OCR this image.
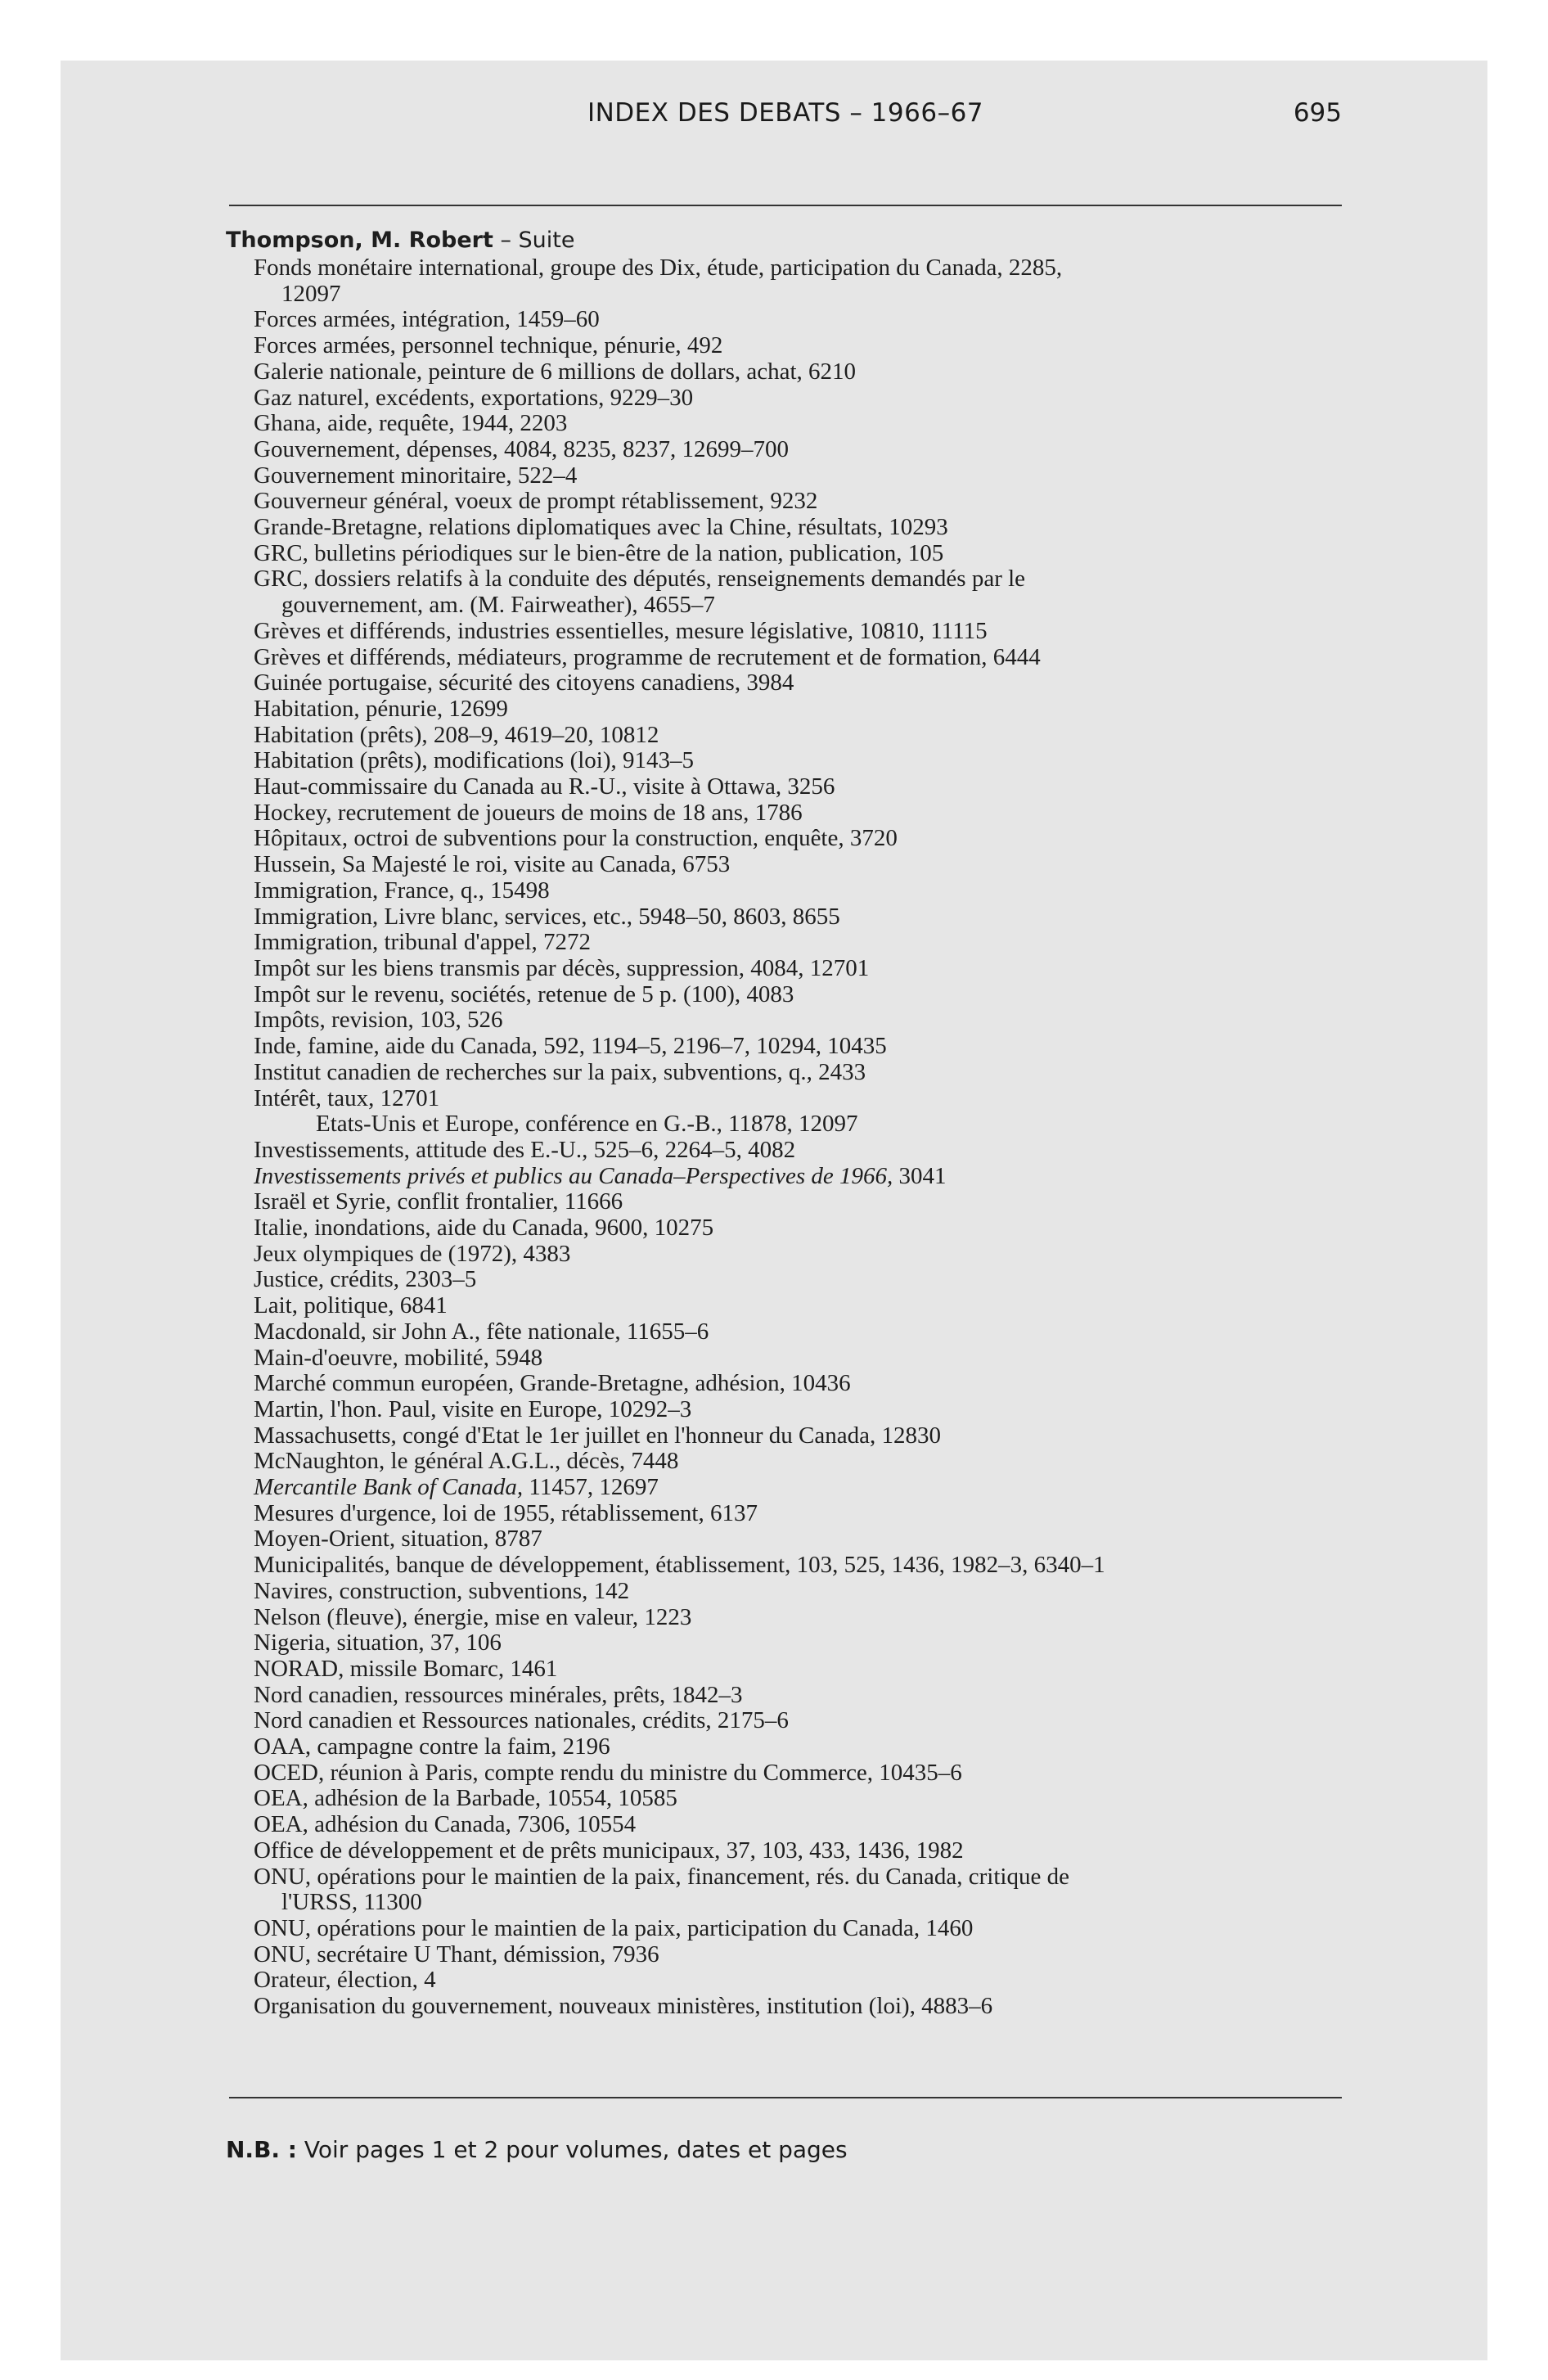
INDEX DES DEBATS – 1966–67	695
Thompson, M. Robert – Suite
Fonds monétaire international, groupe des Dix, étude, participation du Canada, 2285,
12097
Forces armées, intégration, 1459–60
Forces armées, personnel technique, pénurie, 492
Galerie nationale, peinture de 6 millions de dollars, achat, 6210
Gaz naturel, excédents, exportations, 9229–30
Ghana, aide, requête, 1944, 2203
Gouvernement, dépenses, 4084, 8235, 8237, 12699–700
Gouvernement minoritaire, 522–4
Gouverneur général, voeux de prompt rétablissement, 9232
Grande-Bretagne, relations diplomatiques avec la Chine, résultats, 10293
GRC, bulletins périodiques sur le bien-être de la nation, publication, 105
GRC, dossiers relatifs à la conduite des députés, renseignements demandés par le
gouvernement, am. (M. Fairweather), 4655–7
Grèves et différends, industries essentielles, mesure législative, 10810, 11115
Grèves et différends, médiateurs, programme de recrutement et de formation, 6444
Guinée portugaise, sécurité des citoyens canadiens, 3984
Habitation, pénurie, 12699
Habitation (prêts), 208–9, 4619–20, 10812
Habitation (prêts), modifications (loi), 9143–5
Haut-commissaire du Canada au R.-U., visite à Ottawa, 3256
Hockey, recrutement de joueurs de moins de 18 ans, 1786
Hôpitaux, octroi de subventions pour la construction, enquête, 3720
Hussein, Sa Majesté le roi, visite au Canada, 6753
Immigration, France, q., 15498
Immigration, Livre blanc, services, etc., 5948–50, 8603, 8655
Immigration, tribunal d'appel, 7272
Impôt sur les biens transmis par décès, suppression, 4084, 12701
Impôt sur le revenu, sociétés, retenue de 5 p. (100), 4083
Impôts, revision, 103, 526
Inde, famine, aide du Canada, 592, 1194–5, 2196–7, 10294, 10435
Institut canadien de recherches sur la paix, subventions, q., 2433
Intérêt, taux, 12701
Etats-Unis et Europe, conférence en G.-B., 11878, 12097
Investissements, attitude des E.-U., 525–6, 2264–5, 4082
Investissements privés et publics au Canada–Perspectives de 1966, 3041
Israël et Syrie, conflit frontalier, 11666
Italie, inondations, aide du Canada, 9600, 10275
Jeux olympiques de (1972), 4383
Justice, crédits, 2303–5
Lait, politique, 6841
Macdonald, sir John A., fête nationale, 11655–6
Main-d'oeuvre, mobilité, 5948
Marché commun européen, Grande-Bretagne, adhésion, 10436
Martin, l'hon. Paul, visite en Europe, 10292–3
Massachusetts, congé d'Etat le 1er juillet en l'honneur du Canada, 12830
McNaughton, le général A.G.L., décès, 7448
Mercantile Bank of Canada, 11457, 12697
Mesures d'urgence, loi de 1955, rétablissement, 6137
Moyen-Orient, situation, 8787
Municipalités, banque de développement, établissement, 103, 525, 1436, 1982–3, 6340–1
Navires, construction, subventions, 142
Nelson (fleuve), énergie, mise en valeur, 1223
Nigeria, situation, 37, 106
NORAD, missile Bomarc, 1461
Nord canadien, ressources minérales, prêts, 1842–3
Nord canadien et Ressources nationales, crédits, 2175–6
OAA, campagne contre la faim, 2196
OCED, réunion à Paris, compte rendu du ministre du Commerce, 10435–6
OEA, adhésion de la Barbade, 10554, 10585
OEA, adhésion du Canada, 7306, 10554
Office de développement et de prêts municipaux, 37, 103, 433, 1436, 1982
ONU, opérations pour le maintien de la paix, financement, rés. du Canada, critique de
l'URSS, 11300
ONU, opérations pour le maintien de la paix, participation du Canada, 1460
ONU, secrétaire U Thant, démission, 7936
Orateur, élection, 4
Organisation du gouvernement, nouveaux ministères, institution (loi), 4883–6
N.B. : Voir pages 1 et 2 pour volumes, dates et pages
